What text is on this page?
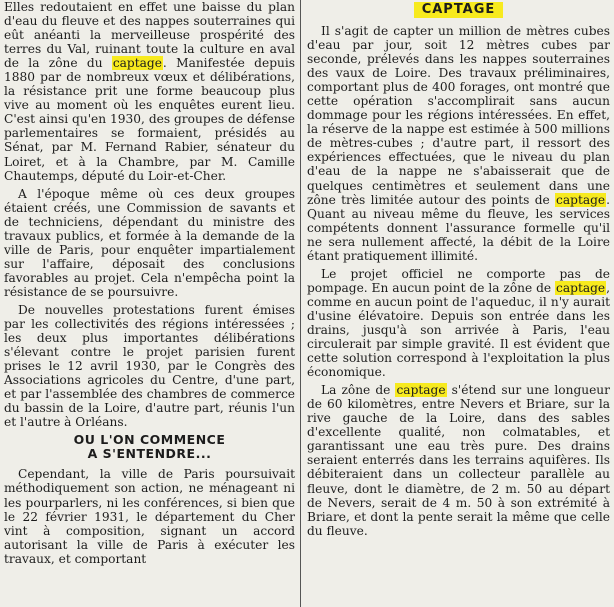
Elles redoutaient en effet une baisse du plan d'eau du fleuve et des nappes souterraines qui eût anéanti la merveilleuse prospérité des terres du Val, ruinant toute la culture en aval de la zône du captage. Manifestée depuis 1880 par de nombreux vœux et délibérations, la résistance prit une forme beaucoup plus vive au moment où les enquêtes eurent lieu. C'est ainsi qu'en 1930, des groupes de défense parlementaires se formaient, présidés au Sénat, par M. Fernand Rabier, sénateur du Loiret, et à la Chambre, par M. Camille Chautemps, député du Loir-et-Cher.

A l'époque même où ces deux groupes étaient créés, une Commission de savants et de techniciens, dépendant du ministre des travaux publics, et formée à la demande de la ville de Paris, pour enquêter impartialement sur l'affaire, déposait des conclusions favorables au projet. Cela n'empêcha point la résistance de se poursuivre.

De nouvelles protestations furent émises par les collectivités des régions intéressées ; les deux plus importantes délibérations s'élevant contre le projet parisien furent prises le 12 avril 1930, par le Congrès des Associations agricoles du Centre, d'une part, et par l'assemblée des chambres de commerce du bassin de la Loire, d'autre part, réunis l'un et l'autre à Orléans.

OU L'ON COMMENCE
A S'ENTENDRE...

Cependant, la ville de Paris poursuivait méthodiquement son action, ne ménageant ni les pourparlers, ni les conférences, si bien que le 22 février 1931, le département du Cher vint à composition, signant un accord autorisant la ville de Paris à exécuter les travaux, et comportant

CAPTAGE

Il s'agit de capter un million de mètres cubes d'eau par jour, soit 12 mètres cubes par seconde, prélevés dans les nappes souterraines des vaux de Loire. Des travaux préliminaires, comportant plus de 400 forages, ont montré que cette opération s'accomplirait sans aucun dommage pour les régions intéressées. En effet, la réserve de la nappe est estimée à 500 millions de mètres-cubes ; d'autre part, il ressort des expériences effectuées, que le niveau du plan d'eau de la nappe ne s'abaisserait que de quelques centimètres et seulement dans une zône très limitée autour des points de captage. Quant au niveau même du fleuve, les services compétents donnent l'assurance formelle qu'il ne sera nullement affecté, la débit de la Loire étant pratiquement illimité.

Le projet officiel ne comporte pas de pompage. En aucun point de la zône de captage, comme en aucun point de l'aqueduc, il n'y aurait d'usine élévatoire. Depuis son entrée dans les drains, jusqu'à son arrivée à Paris, l'eau circulerait par simple gravité. Il est évident que cette solution correspond à l'exploitation la plus économique.

La zône de captage s'étend sur une longueur de 60 kilomètres, entre Nevers et Briare, sur la rive gauche de la Loire, dans des sables d'excellente qualité, non colmatables, et garantissant une eau très pure. Des drains seraient enterrés dans les terrains aquifères. Ils débiteraient dans un collecteur parallèle au fleuve, dont le diamètre, de 2 m. 50 au départ de Nevers, serait de 4 m. 50 à son extrémité à Briare, et dont la pente serait la même que celle du fleuve.
